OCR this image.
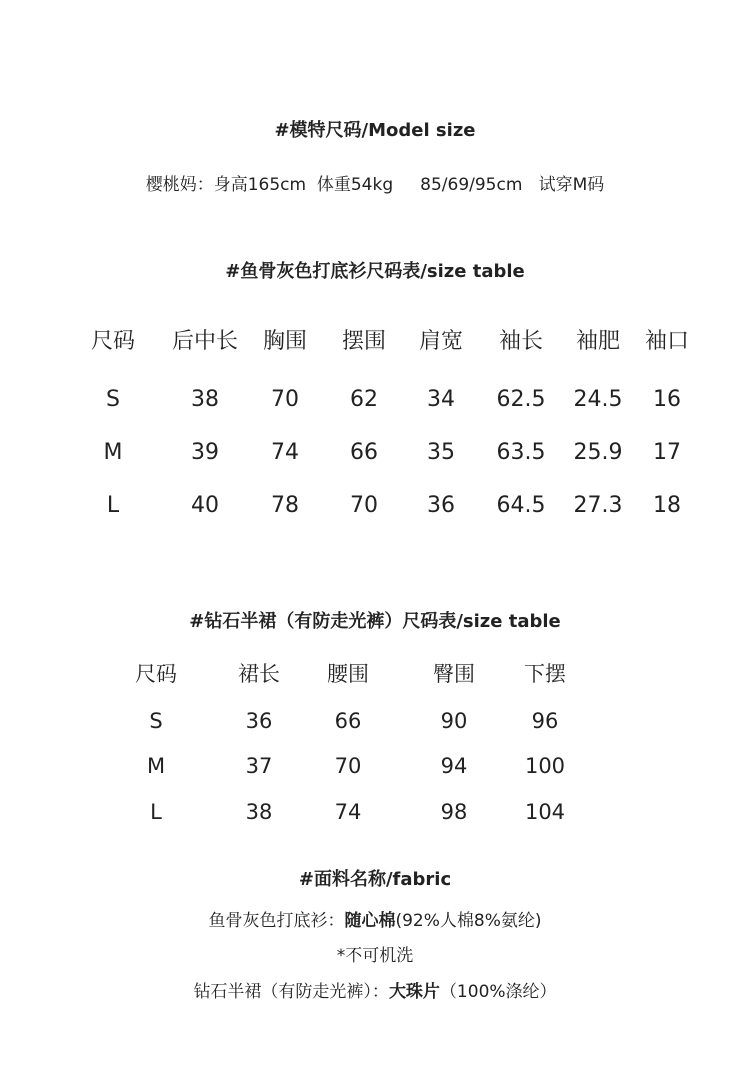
#模特尺码/Model size
樱桃妈：身高165cm  体重54kg     85/69/95cm   试穿M码
#鱼骨灰色打底衫尺码表/size table
尺码 后中长 胸围 摆围 肩宽 袖长 袖肥 袖口
S	38 70 62 34 62.5 24.5 16
M	39 74 66 35 63.5 25.9 17
L	40 78 70 36 64.5 27.3 18
#钻石半裙（有防走光裤）尺码表/size table
尺码	裙长 腰围	臀围 下摆
S	36	66	90	96
M	37	70	94	100
L	38	74	98	104
#面料名称/fabric
鱼骨灰色打底衫：随心棉(92%人棉8%氨纶)
*不可机洗
钻石半裙（有防走光裤）：大珠片（100%涤纶）
